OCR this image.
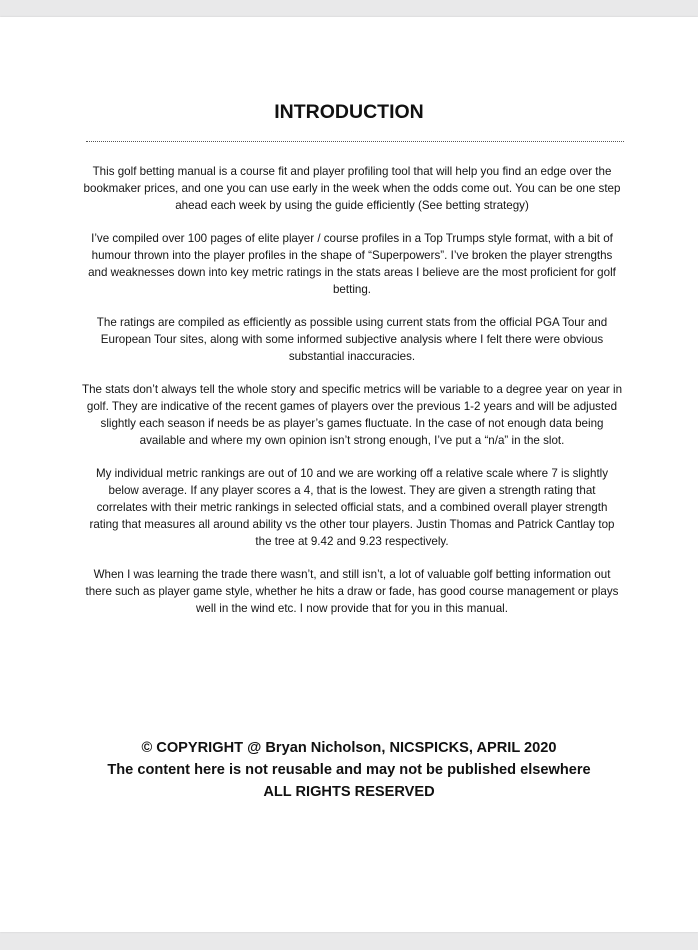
INTRODUCTION

This golf betting manual is a course fit and player profiling tool that will help you find an edge over the bookmaker prices, and one you can use early in the week when the odds come out. You can be one step ahead each week by using the guide efficiently (See betting strategy)

I’ve compiled over 100 pages of elite player / course profiles in a Top Trumps style format, with a bit of humour thrown into the player profiles in the shape of “Superpowers”. I’ve broken the player strengths and weaknesses down into key metric ratings in the stats areas I believe are the most proficient for golf betting.

The ratings are compiled as efficiently as possible using current stats from the official PGA Tour and European Tour sites, along with some informed subjective analysis where I felt there were obvious substantial inaccuracies.

The stats don’t always tell the whole story and specific metrics will be variable to a degree year on year in golf. They are indicative of the recent games of players over the previous 1-2 years and will be adjusted slightly each season if needs be as player’s games fluctuate. In the case of not enough data being available and where my own opinion isn’t strong enough, I’ve put a “n/a” in the slot.

My individual metric rankings are out of 10 and we are working off a relative scale where 7 is slightly below average. If any player scores a 4, that is the lowest. They are given a strength rating that correlates with their metric rankings in selected official stats, and a combined overall player strength rating that measures all around ability vs the other tour players. Justin Thomas and Patrick Cantlay top the tree at 9.42 and 9.23 respectively.

When I was learning the trade there wasn’t, and still isn’t, a lot of valuable golf betting information out there such as player game style, whether he hits a draw or fade, has good course management or plays well in the wind etc. I now provide that for you in this manual.

© COPYRIGHT @ Bryan Nicholson, NICSPICKS, APRIL 2020
The content here is not reusable and may not be published elsewhere
ALL RIGHTS RESERVED
